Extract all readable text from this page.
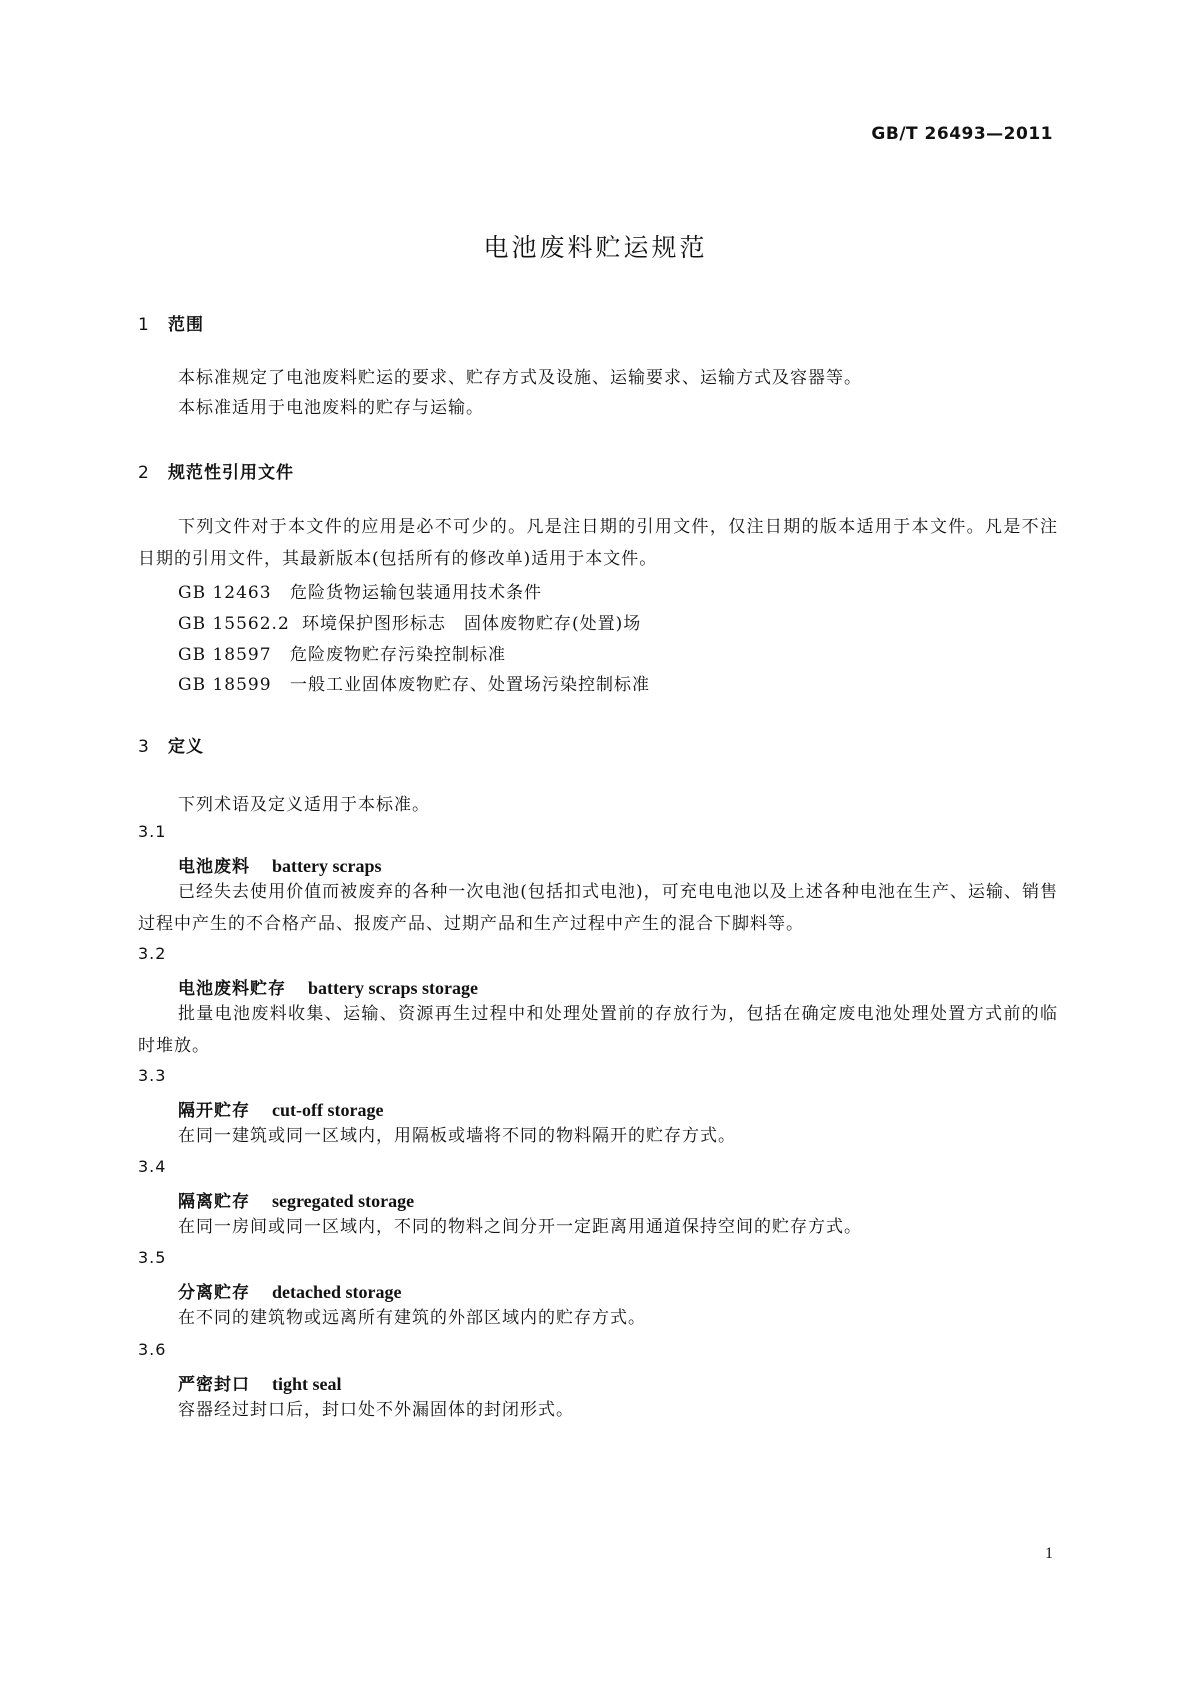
GB/T 26493—2011
电池废料贮运规范
1 范围
本标准规定了电池废料贮运的要求、贮存方式及设施、运输要求、运输方式及容器等。
本标准适用于电池废料的贮存与运输。
2 规范性引用文件
下列文件对于本文件的应用是必不可少的。凡是注日期的引用文件，仅注日期的版本适用于本文件。凡是不注日期的引用文件，其最新版本(包括所有的修改单)适用于本文件。
GB 12463 危险货物运输包装通用技术条件
GB 15562.2 环境保护图形标志　固体废物贮存(处置)场
GB 18597 危险废物贮存污染控制标准
GB 18599 一般工业固体废物贮存、处置场污染控制标准
3 定义
下列术语及定义适用于本标准。
3.1
电池废料 battery scraps
已经失去使用价值而被废弃的各种一次电池(包括扣式电池)，可充电电池以及上述各种电池在生产、运输、销售过程中产生的不合格产品、报废产品、过期产品和生产过程中产生的混合下脚料等。
3.2
电池废料贮存 battery scraps storage
批量电池废料收集、运输、资源再生过程中和处理处置前的存放行为，包括在确定废电池处理处置方式前的临时堆放。
3.3
隔开贮存 cut-off storage
在同一建筑或同一区域内，用隔板或墙将不同的物料隔开的贮存方式。
3.4
隔离贮存 segregated storage
在同一房间或同一区域内，不同的物料之间分开一定距离用通道保持空间的贮存方式。
3.5
分离贮存 detached storage
在不同的建筑物或远离所有建筑的外部区域内的贮存方式。
3.6
严密封口 tight seal
容器经过封口后，封口处不外漏固体的封闭形式。
1
